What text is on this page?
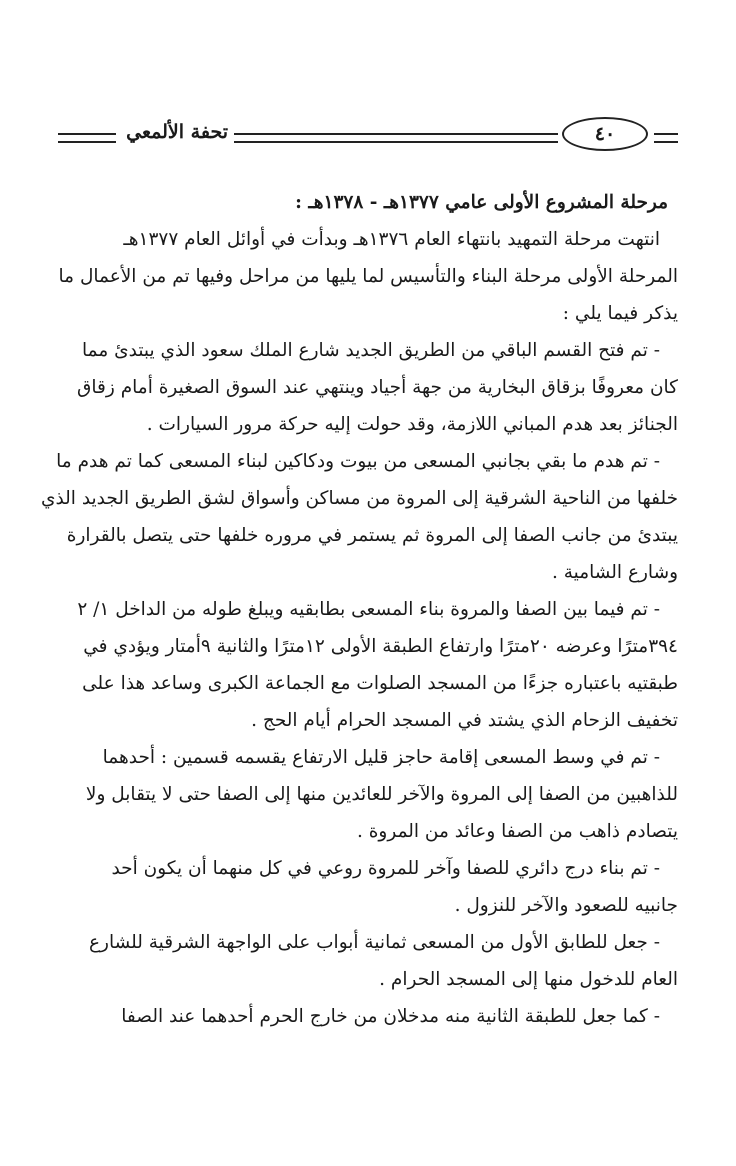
تحفة الألمعي	٤٠

مرحلة المشروع الأولى عامي ١٣٧٧هـ - ١٣٧٨هـ :

انتهت مرحلة التمهيد بانتهاء العام ١٣٧٦هـ وبدأت في أوائل العام ١٣٧٧هـ

المرحلة الأولى مرحلة البناء والتأسيس لما يليها من مراحل وفيها تم من الأعمال ما

يذكر فيما يلي :

- تم فتح القسم الباقي من الطريق الجديد شارع الملك سعود الذي يبتدئ مما

كان معروفًا بزقاق البخارية من جهة أجياد وينتهي عند السوق الصغيرة أمام زقاق

الجنائز بعد هدم المباني اللازمة، وقد حولت إليه حركة مرور السيارات .

- تم هدم ما بقي بجانبي المسعى من بيوت ودكاكين لبناء المسعى كما تم هدم ما

خلفها من الناحية الشرقية إلى المروة من مساكن وأسواق لشق الطريق الجديد الذي

يبتدئ من جانب الصفا إلى المروة ثم يستمر في مروره خلفها حتى يتصل بالقرارة

وشارع الشامية .

- تم فيما بين الصفا والمروة بناء المسعى بطابقيه ويبلغ طوله من الداخل ١/ ٢

٣٩٤مترًا وعرضه ٢٠مترًا وارتفاع الطبقة الأولى ١٢مترًا والثانية ٩أمتار ويؤدي في

طبقتيه باعتباره جزءًا من المسجد الصلوات مع الجماعة الكبرى وساعد هذا على

تخفيف الزحام الذي يشتد في المسجد الحرام أيام الحج .

- تم في وسط المسعى إقامة حاجز قليل الارتفاع يقسمه قسمين : أحدهما

للذاهبين من الصفا إلى المروة والآخر للعائدين منها إلى الصفا حتى لا يتقابل ولا

يتصادم ذاهب من الصفا وعائد من المروة .

- تم بناء درج دائري للصفا وآخر للمروة روعي في كل منهما أن يكون أحد

جانبيه للصعود والآخر للنزول .

- جعل للطابق الأول من المسعى ثمانية أبواب على الواجهة الشرقية للشارع

العام للدخول منها إلى المسجد الحرام .

- كما جعل للطبقة الثانية منه مدخلان من خارج الحرم أحدهما عند الصفا
